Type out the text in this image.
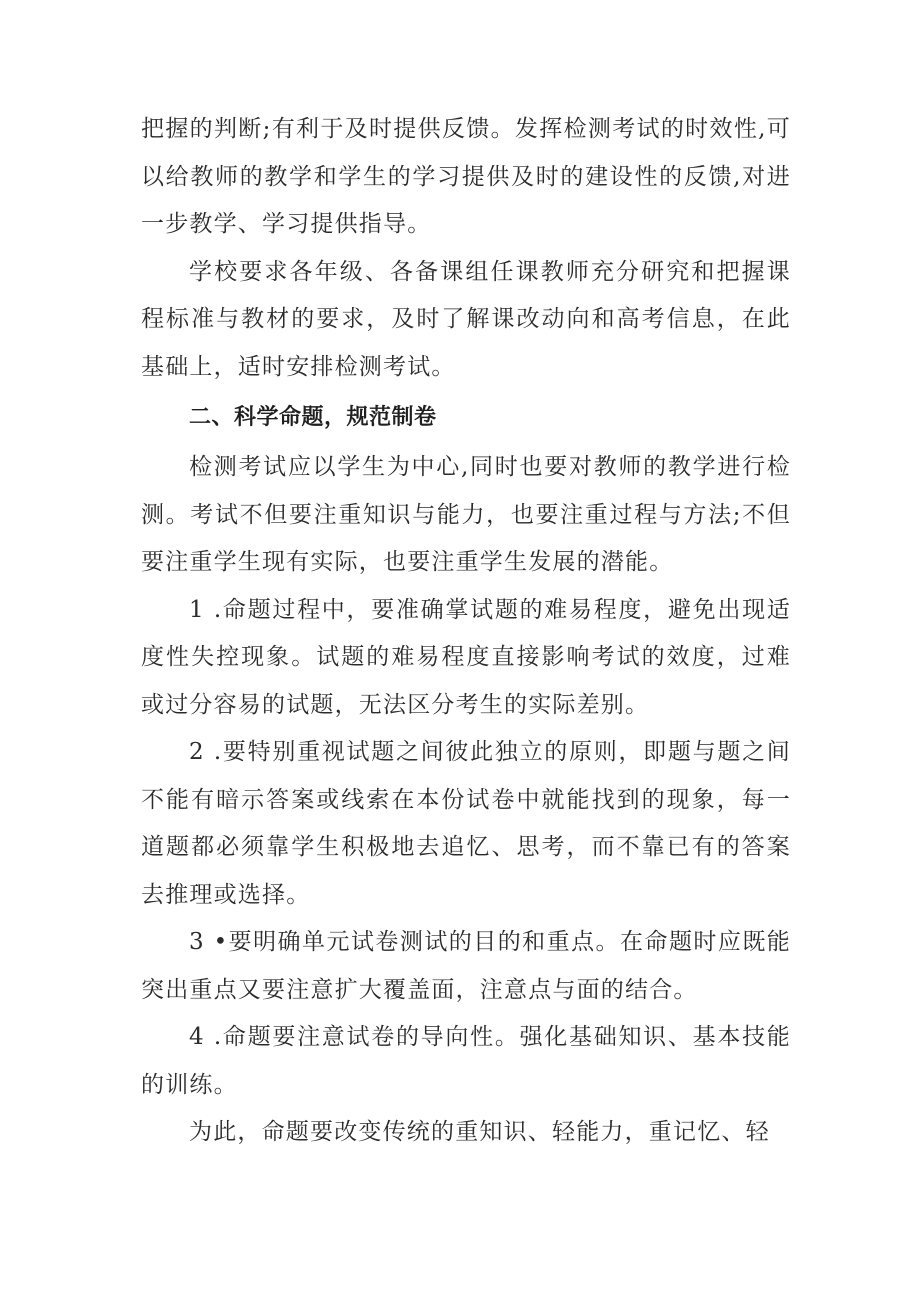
把握的判断;有利于及时提供反馈。发挥检测考试的时效性,可以给教师的教学和学生的学习提供及时的建设性的反馈,对进一步教学、学习提供指导。

学校要求各年级、各备课组任课教师充分研究和把握课程标准与教材的要求，及时了解课改动向和高考信息，在此基础上，适时安排检测考试。

二、科学命题，规范制卷

检测考试应以学生为中心,同时也要对教师的教学进行检测。考试不但要注重知识与能力，也要注重过程与方法;不但要注重学生现有实际，也要注重学生发展的潜能。

1 .命题过程中，要准确掌试题的难易程度，避免出现适度性失控现象。试题的难易程度直接影响考试的效度，过难或过分容易的试题，无法区分考生的实际差别。

2 .要特别重视试题之间彼此独立的原则，即题与题之间不能有暗示答案或线索在本份试卷中就能找到的现象，每一道题都必须靠学生积极地去追忆、思考，而不靠已有的答案去推理或选择。

3 •要明确单元试卷测试的目的和重点。在命题时应既能突出重点又要注意扩大覆盖面，注意点与面的结合。

4 .命题要注意试卷的导向性。强化基础知识、基本技能的训练。

为此，命题要改变传统的重知识、轻能力，重记忆、轻
